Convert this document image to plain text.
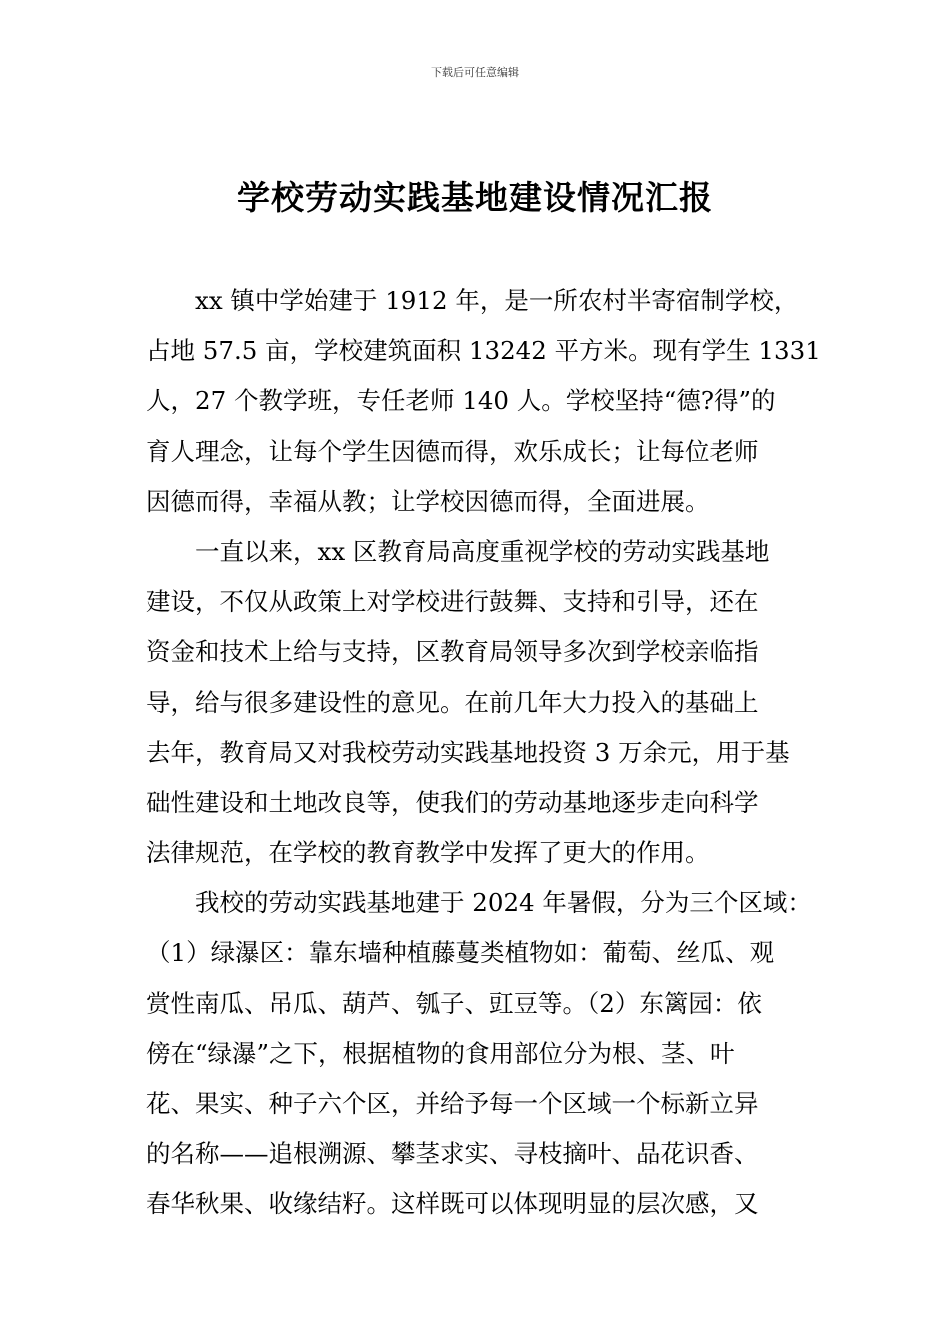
下载后可任意编辑
学校劳动实践基地建设情况汇报
xx 镇中学始建于 1912 年，是一所农村半寄宿制学校，
占地 57.5 亩，学校建筑面积 13242 平方米。现有学生 1331
人，27 个教学班，专任老师 140 人。学校坚持“德?得”的
育人理念，让每个学生因德而得，欢乐成长；让每位老师
因德而得，幸福从教；让学校因德而得，全面进展。
一直以来，xx 区教育局高度重视学校的劳动实践基地
建设，不仅从政策上对学校进行鼓舞、支持和引导，还在
资金和技术上给与支持，区教育局领导多次到学校亲临指
导，给与很多建设性的意见。在前几年大力投入的基础上
去年，教育局又对我校劳动实践基地投资 3 万余元，用于基
础性建设和土地改良等，使我们的劳动基地逐步走向科学
法律规范，在学校的教育教学中发挥了更大的作用。
我校的劳动实践基地建于 2024 年暑假，分为三个区域：
（1）绿瀑区：靠东墙种植藤蔓类植物如：葡萄、丝瓜、观
赏性南瓜、吊瓜、葫芦、瓠子、豇豆等。（2）东篱园：依
傍在“绿瀑”之下，根据植物的食用部位分为根、茎、叶
花、果实、种子六个区，并给予每一个区域一个标新立异
的名称——追根溯源、攀茎求实、寻枝摘叶、品花识香、
春华秋果、收缘结籽。这样既可以体现明显的层次感，又
